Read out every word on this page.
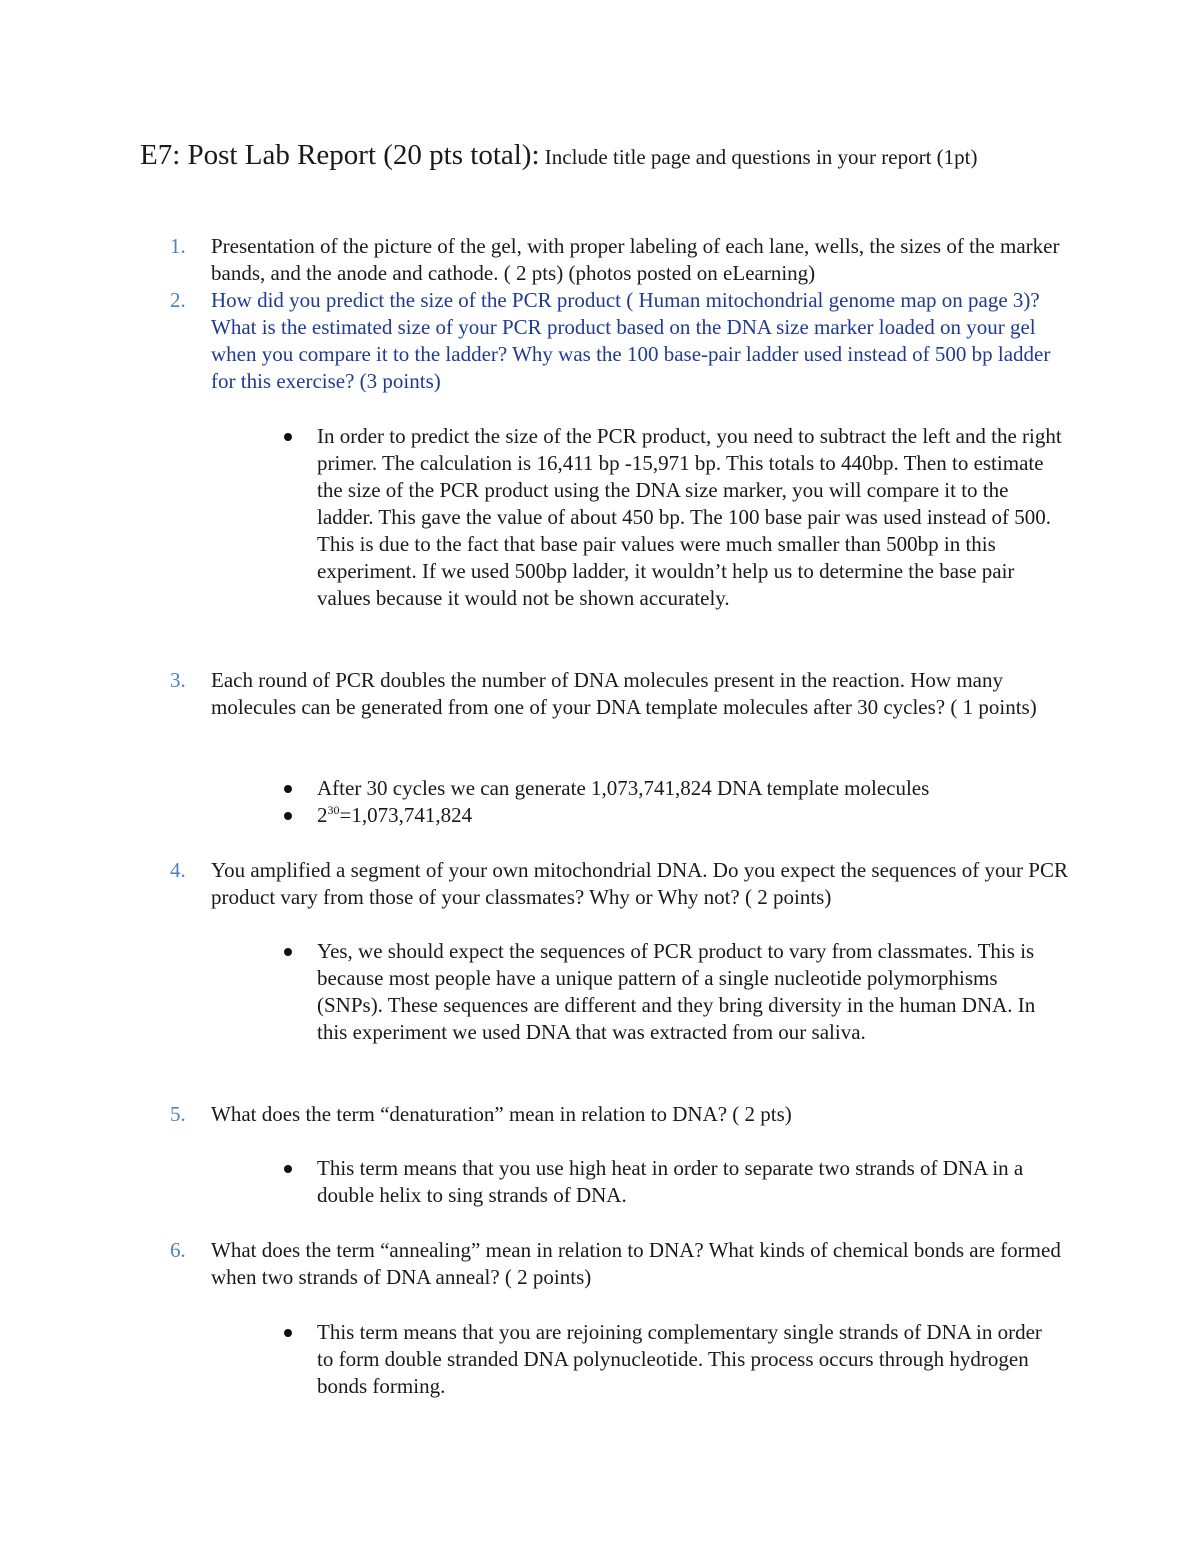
E7: Post Lab Report (20 pts total): Include title page and questions in your report (1pt)
1.	Presentation of the picture of the gel, with proper labeling of each lane, wells, the sizes of the marker bands, and the anode and cathode. ( 2 pts) (photos posted on eLearning)
2.	How did you predict the size of the PCR product ( Human mitochondrial genome map on page 3)? What is the estimated size of your PCR product based on the DNA size marker loaded on your gel when you compare it to the ladder? Why was the 100 base-pair ladder used instead of 500 bp ladder for this exercise? (3 points)
In order to predict the size of the PCR product, you need to subtract the left and the right primer. The calculation is 16,411 bp -15,971 bp. This totals to 440bp. Then to estimate the size of the PCR product using the DNA size marker, you will compare it to the ladder. This gave the value of about 450 bp. The 100 base pair was used instead of 500. This is due to the fact that base pair values were much smaller than 500bp in this experiment. If we used 500bp ladder, it wouldn’t help us to determine the base pair values because it would not be shown accurately.
3.	Each round of PCR doubles the number of DNA molecules present in the reaction. How many molecules can be generated from one of your DNA template molecules after 30 cycles? ( 1 points)
After 30 cycles we can generate 1,073,741,824 DNA template molecules
$2^{30}=1,073,741,824$
4.	You amplified a segment of your own mitochondrial DNA. Do you expect the sequences of your PCR product vary from those of your classmates? Why or Why not? ( 2 points)
Yes, we should expect the sequences of PCR product to vary from classmates. This is because most people have a unique pattern of a single nucleotide polymorphisms (SNPs). These sequences are different and they bring diversity in the human DNA. In this experiment we used DNA that was extracted from our saliva.
5.	What does the term “denaturation” mean in relation to DNA? ( 2 pts)
This term means that you use high heat in order to separate two strands of DNA in a double helix to sing strands of DNA.
6.	What does the term “annealing” mean in relation to DNA? What kinds of chemical bonds are formed when two strands of DNA anneal? ( 2 points)
This term means that you are rejoining complementary single strands of DNA in order to form double stranded DNA polynucleotide. This process occurs through hydrogen bonds forming.
